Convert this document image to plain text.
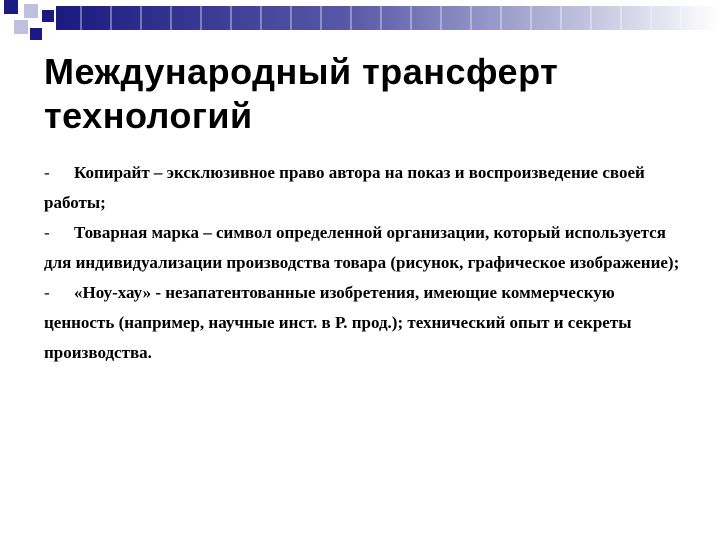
Международный трансферт
технологий
-	Копирайт – эксклюзивное право автора на показ и воспроизведение своей работы;
-	Товарная марка – символ определенной организации, который используется для индивидуализации производства товара (рисунок, графическое изображение);
-	«Ноу-хау» - незапатентованные изобретения, имеющие коммерческую ценность (например, научные инст. в Р. прод.); технический опыт и секреты производства.
